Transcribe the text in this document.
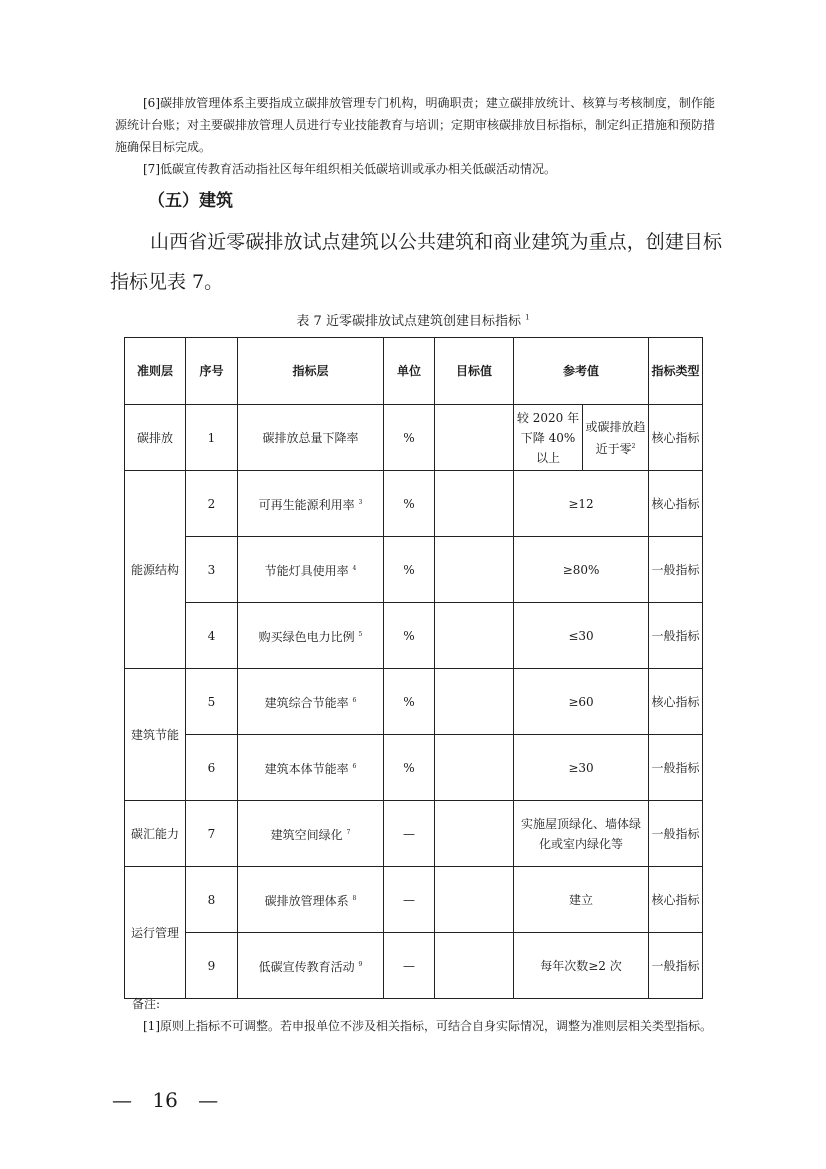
[6]碳排放管理体系主要指成立碳排放管理专门机构，明确职责；建立碳排放统计、核算与考核制度，制作能源统计台账；对主要碳排放管理人员进行专业技能教育与培训；定期审核碳排放目标指标，制定纠正措施和预防措施确保目标完成。

[7]低碳宣传教育活动指社区每年组织相关低碳培训或承办相关低碳活动情况。

（五）建筑

山西省近零碳排放试点建筑以公共建筑和商业建筑为重点，创建目标指标见表 7。

表 7 近零碳排放试点建筑创建目标指标 $^1$
准则层	序号	指标层	单位	目标值	参考值		指标类型
碳排放	1	碳排放总量下降率	%		较 2020 年下降 40%以上	或碳排放趋近于零$^2$	核心指标
能源结构	2	可再生能源利用率 $^3$	%		≥12		核心指标
	3	节能灯具使用率 $^4$	%		≥80%		一般指标
	4	购买绿色电力比例 $^5$	%		≤30		一般指标
建筑节能	5	建筑综合节能率 $^6$	%		≥60		核心指标
	6	建筑本体节能率 $^6$	%		≥30		一般指标
碳汇能力	7	建筑空间绿化 $^7$	—		实施屋顶绿化、墙体绿化或室内绿化等		一般指标
运行管理	8	碳排放管理体系 $^8$	—		建立		核心指标
	9	低碳宣传教育活动 $^9$	—		每年次数≥2 次		一般指标
备注:

[1]原则上指标不可调整。若申报单位不涉及相关指标，可结合自身实际情况，调整为准则层相关类型指标。

— 16 —
